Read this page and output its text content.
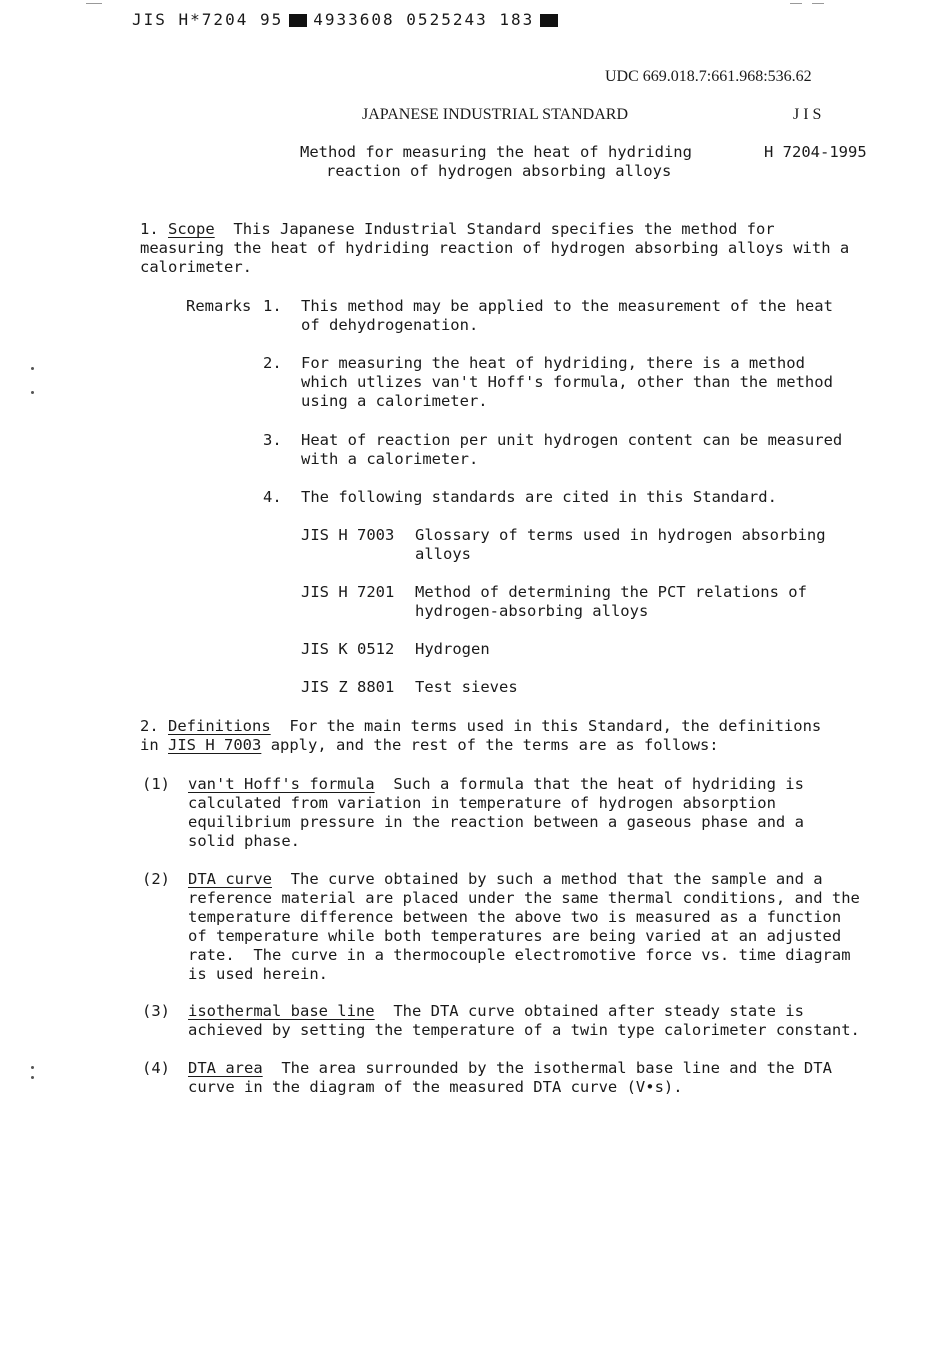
JIS H*7204 95 4933608 0525243 183
UDC 669.018.7:661.968:536.62
JAPANESE INDUSTRIAL STANDARD	J I S
Method for measuring the heat of hydriding
reaction of hydrogen absorbing alloys
H 7204-1995
1. Scope This Japanese Industrial Standard specifies the method for
measuring the heat of hydriding reaction of hydrogen absorbing alloys with a
calorimeter.
Remarks 1. This method may be applied to the measurement of the heat
of dehydrogenation.
2. For measuring the heat of hydriding, there is a method
which utlizes van't Hoff's formula, other than the method
using a calorimeter.
3. Heat of reaction per unit hydrogen content can be measured
with a calorimeter.
4. The following standards are cited in this Standard.
JIS H 7003 Glossary of terms used in hydrogen absorbing
alloys
JIS H 7201 Method of determining the PCT relations of
hydrogen-absorbing alloys
JIS K 0512 Hydrogen
JIS Z 8801 Test sieves
2. Definitions For the main terms used in this Standard, the definitions
in JIS H 7003 apply, and the rest of the terms are as follows:
(1) van't Hoff's formula Such a formula that the heat of hydriding is
calculated from variation in temperature of hydrogen absorption
equilibrium pressure in the reaction between a gaseous phase and a
solid phase.
(2) DTA curve The curve obtained by such a method that the sample and a
reference material are placed under the same thermal conditions, and the
temperature difference between the above two is measured as a function
of temperature while both temperatures are being varied at an adjusted
rate.  The curve in a thermocouple electromotive force vs. time diagram
is used herein.
(3) isothermal base line The DTA curve obtained after steady state is
achieved by setting the temperature of a twin type calorimeter constant.
(4) DTA area The area surrounded by the isothermal base line and the DTA
curve in the diagram of the measured DTA curve (V•s).
